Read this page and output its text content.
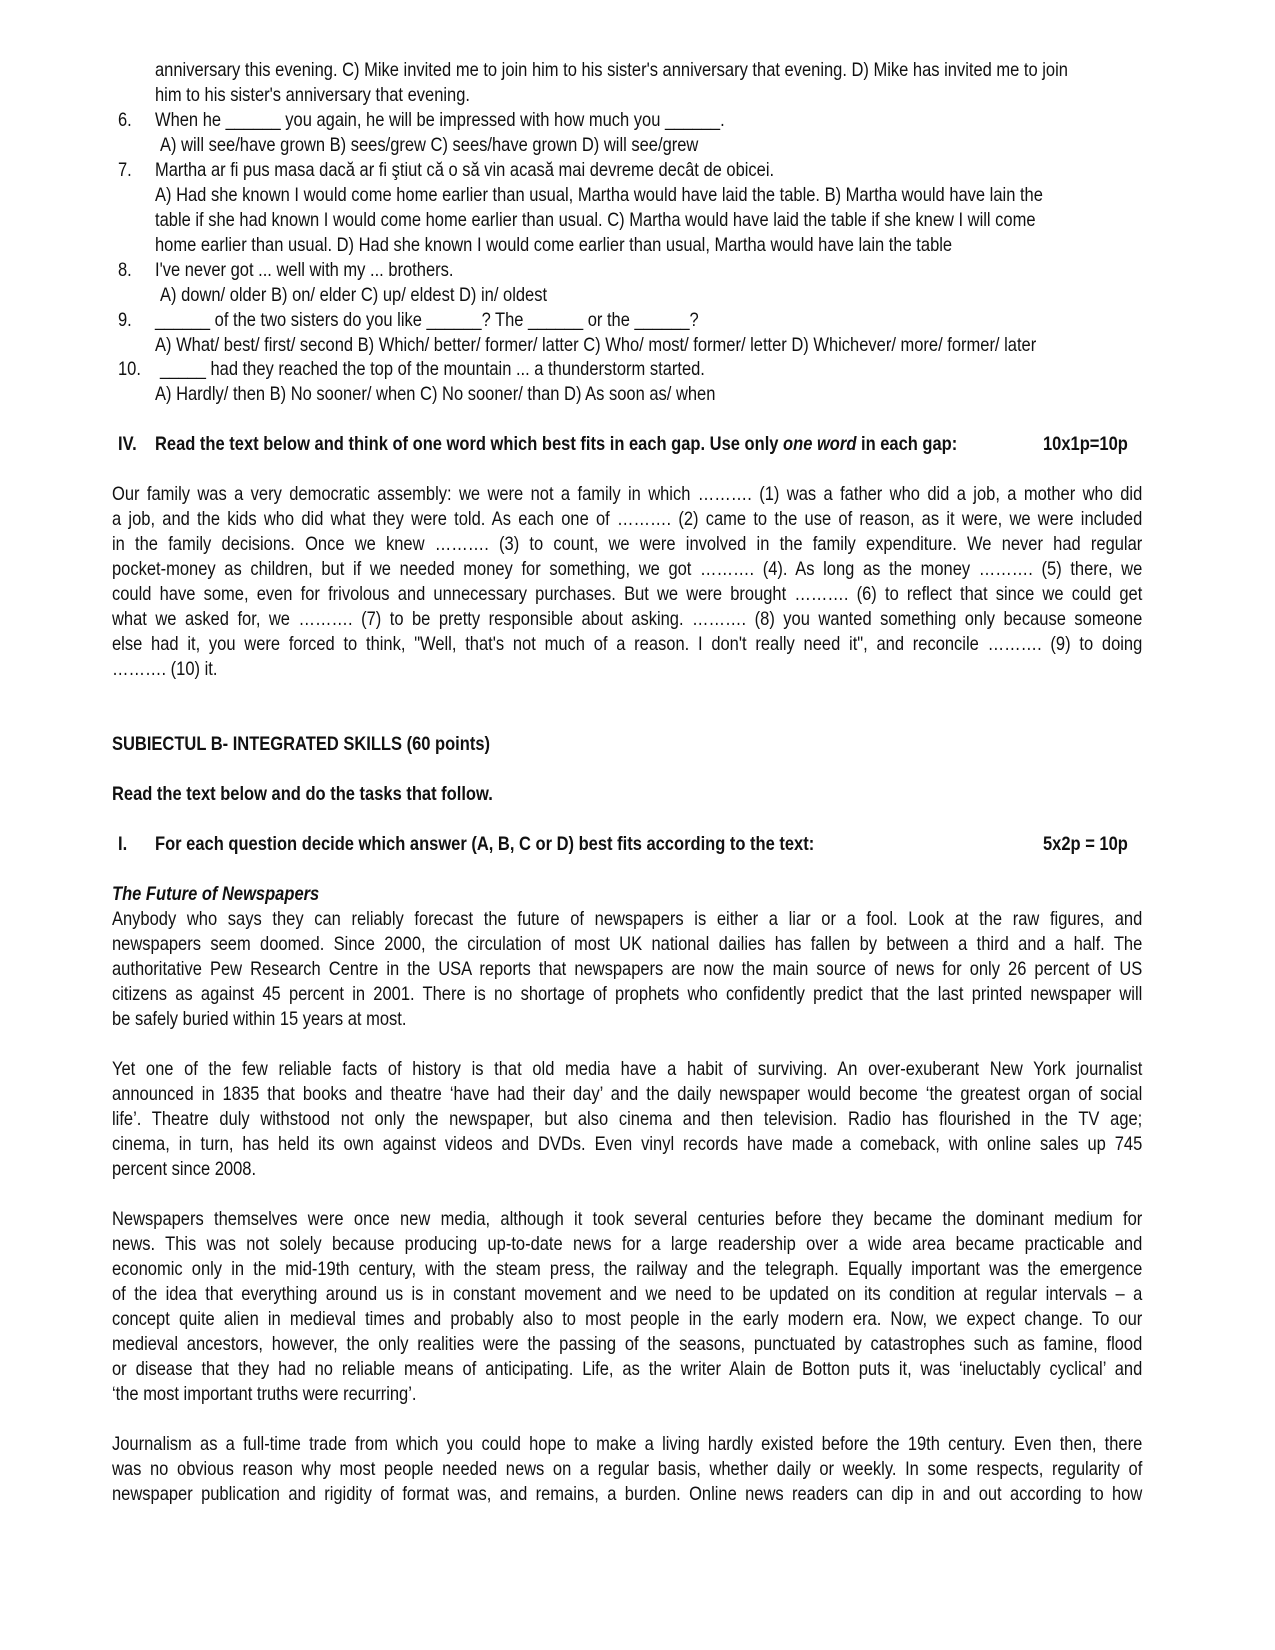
anniversary this evening. C) Mike invited me to join him to his sister's anniversary that evening. D) Mike has invited me to join
him to his sister's anniversary that evening.
6. When he ______ you again, he will be impressed with how much you ______.
A) will see/have grown B) sees/grew C) sees/have grown D) will see/grew
7. Martha ar fi pus masa dacă ar fi ştiut că o să vin acasă mai devreme decât de obicei.
A) Had she known I would come home earlier than usual, Martha would have laid the table. B) Martha would have lain the
table if she had known I would come home earlier than usual. C) Martha would have laid the table if she knew I will come
home earlier than usual. D) Had she known I would come earlier than usual, Martha would have lain the table
8. I've never got ... well with my ... brothers.
A) down/ older B) on/ elder C) up/ eldest D) in/ oldest
9. ______ of the two sisters do you like ______? The ______ or the ______?
A) What/ best/ first/ second B) Which/ better/ former/ latter C) Who/ most/ former/ letter D) Whichever/ more/ former/ later
10. _____ had they reached the top of the mountain ... a thunderstorm started.
A) Hardly/ then B) No sooner/ when C) No sooner/ than D) As soon as/ when
IV. Read the text below and think of one word which best fits in each gap. Use only one word in each gap:	10x1p=10p
Our family was a very democratic assembly: we were not a family in which ………. (1) was a father who did a job, a mother who did
a job, and the kids who did what they were told. As each one of ………. (2) came to the use of reason, as it were, we were included
in the family decisions. Once we knew ………. (3) to count, we were involved in the family expenditure. We never had regular
pocket-money as children, but if we needed money for something, we got ………. (4). As long as the money ………. (5) there, we
could have some, even for frivolous and unnecessary purchases. But we were brought ………. (6) to reflect that since we could get
what we asked for, we ………. (7) to be pretty responsible about asking. ………. (8) you wanted something only because someone
else had it, you were forced to think, "Well, that's not much of a reason. I don't really need it", and reconcile ………. (9) to doing
………. (10) it.
SUBIECTUL B- INTEGRATED SKILLS (60 points)
Read the text below and do the tasks that follow.
I. For each question decide which answer (A, B, C or D) best fits according to the text:	5x2p = 10p
The Future of Newspapers
Anybody who says they can reliably forecast the future of newspapers is either a liar or a fool. Look at the raw figures, and
newspapers seem doomed. Since 2000, the circulation of most UK national dailies has fallen by between a third and a half. The
authoritative Pew Research Centre in the USA reports that newspapers are now the main source of news for only 26 percent of US
citizens as against 45 percent in 2001. There is no shortage of prophets who confidently predict that the last printed newspaper will
be safely buried within 15 years at most.
Yet one of the few reliable facts of history is that old media have a habit of surviving. An over-exuberant New York journalist
announced in 1835 that books and theatre ‘have had their day’ and the daily newspaper would become ‘the greatest organ of social
life’. Theatre duly withstood not only the newspaper, but also cinema and then television. Radio has flourished in the TV age;
cinema, in turn, has held its own against videos and DVDs. Even vinyl records have made a comeback, with online sales up 745
percent since 2008.
Newspapers themselves were once new media, although it took several centuries before they became the dominant medium for
news. This was not solely because producing up-to-date news for a large readership over a wide area became practicable and
economic only in the mid-19th century, with the steam press, the railway and the telegraph. Equally important was the emergence
of the idea that everything around us is in constant movement and we need to be updated on its condition at regular intervals – a
concept quite alien in medieval times and probably also to most people in the early modern era. Now, we expect change. To our
medieval ancestors, however, the only realities were the passing of the seasons, punctuated by catastrophes such as famine, flood
or disease that they had no reliable means of anticipating. Life, as the writer Alain de Botton puts it, was ‘ineluctably cyclical’ and
‘the most important truths were recurring’.
Journalism as a full-time trade from which you could hope to make a living hardly existed before the 19th century. Even then, there
was no obvious reason why most people needed news on a regular basis, whether daily or weekly. In some respects, regularity of
newspaper publication and rigidity of format was, and remains, a burden. Online news readers can dip in and out according to how
